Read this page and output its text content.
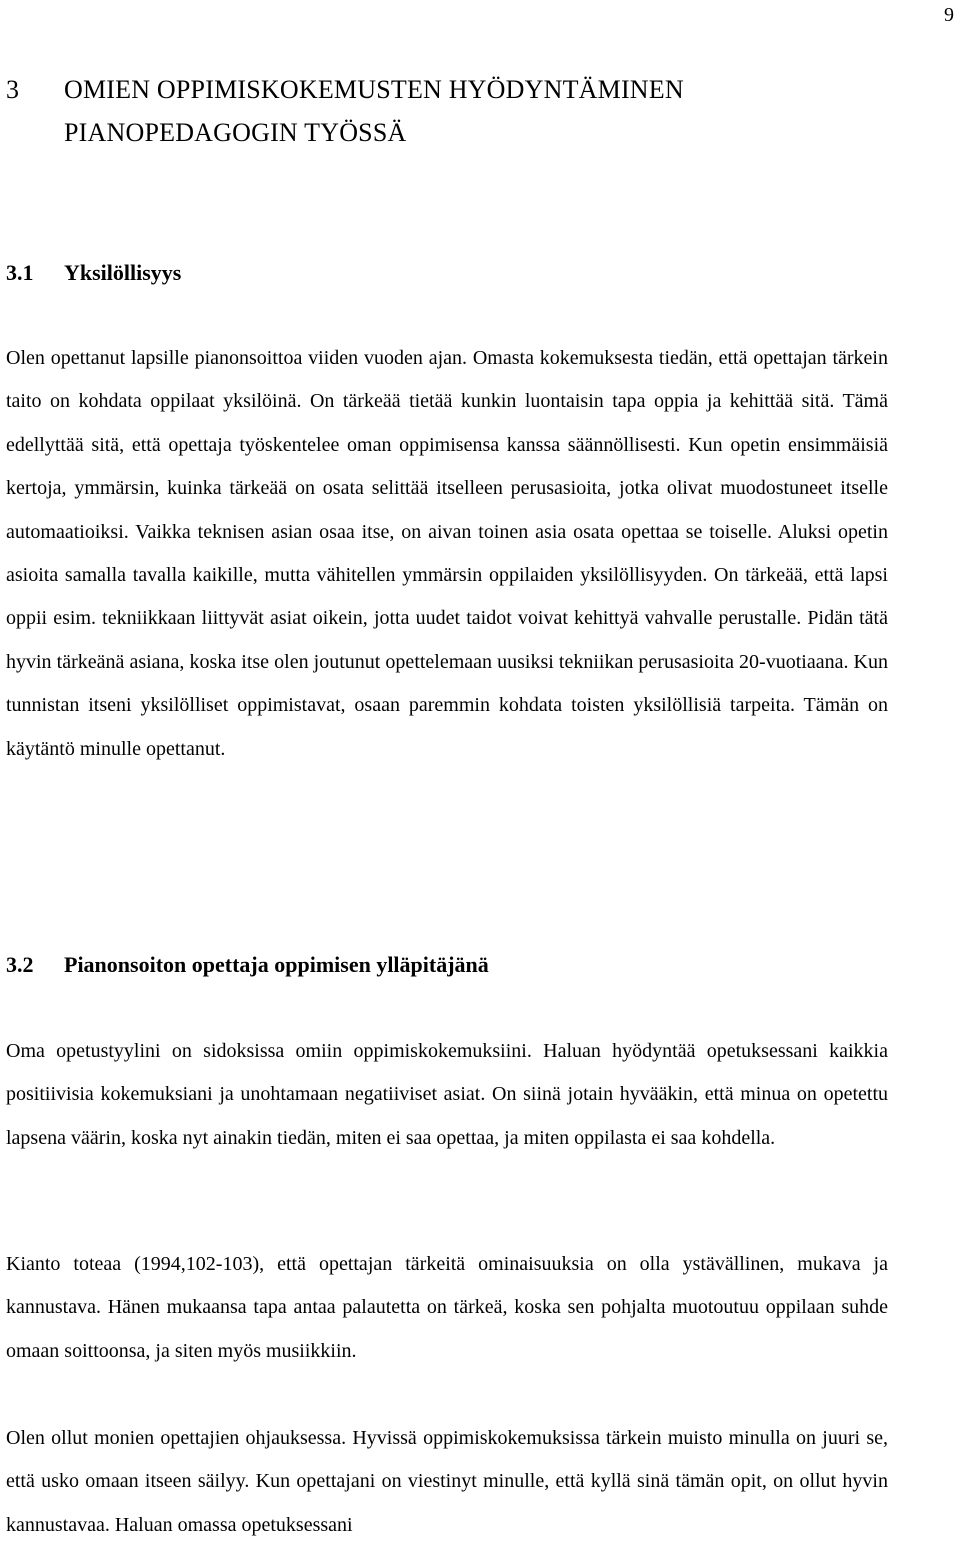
9
3 OMIEN OPPIMISKOKEMUSTEN HYÖDYNTÄMINEN
PIANOPEDAGOGIN TYÖSSÄ
3.1 Yksilöllisyys

Olen opettanut lapsille pianonsoittoa viiden vuoden ajan. Omasta kokemuksesta tiedän, että opettajan tärkein taito on kohdata oppilaat yksilöinä. On tärkeää tietää kunkin luontaisin tapa oppia ja kehittää sitä. Tämä edellyttää sitä, että opettaja työskentelee oman oppimisensa kanssa säännöllisesti. Kun opetin ensimmäisiä kertoja, ymmärsin, kuinka tärkeää on osata selittää itselleen perusasioita, jotka olivat muodostuneet itselle automaatioiksi. Vaikka teknisen asian osaa itse, on aivan toinen asia osata opettaa se toiselle. Aluksi opetin asioita samalla tavalla kaikille, mutta vähitellen ymmärsin oppilaiden yksilöllisyyden. On tärkeää, että lapsi oppii esim. tekniikkaan liittyvät asiat oikein, jotta uudet taidot voivat kehittyä vahvalle perustalle. Pidän tätä hyvin tärkeänä asiana, koska itse olen joutunut opettelemaan uusiksi tekniikan perusasioita 20-vuotiaana. Kun tunnistan itseni yksilölliset oppimistavat, osaan paremmin kohdata toisten yksilöllisiä tarpeita. Tämän on käytäntö minulle opettanut.

3.2 Pianonsoiton opettaja oppimisen ylläpitäjänä

Oma opetustyylini on sidoksissa omiin oppimiskokemuksiini. Haluan hyödyntää opetuksessani kaikkia positiivisia kokemuksiani ja unohtamaan negatiiviset asiat. On siinä jotain hyvääkin, että minua on opetettu lapsena väärin, koska nyt ainakin tiedän, miten ei saa opettaa, ja miten oppilasta ei saa kohdella.

Kianto toteaa (1994,102-103), että opettajan tärkeitä ominaisuuksia on olla ystävällinen, mukava ja kannustava. Hänen mukaansa tapa antaa palautetta on tärkeä, koska sen pohjalta muotoutuu oppilaan suhde omaan soittoonsa, ja siten myös musiikkiin.

Olen ollut monien opettajien ohjauksessa. Hyvissä oppimiskokemuksissa tärkein muisto minulla on juuri se, että usko omaan itseen säilyy. Kun opettajani on viestinyt minulle, että kyllä sinä tämän opit, on ollut hyvin kannustavaa. Haluan omassa opetuksessani
